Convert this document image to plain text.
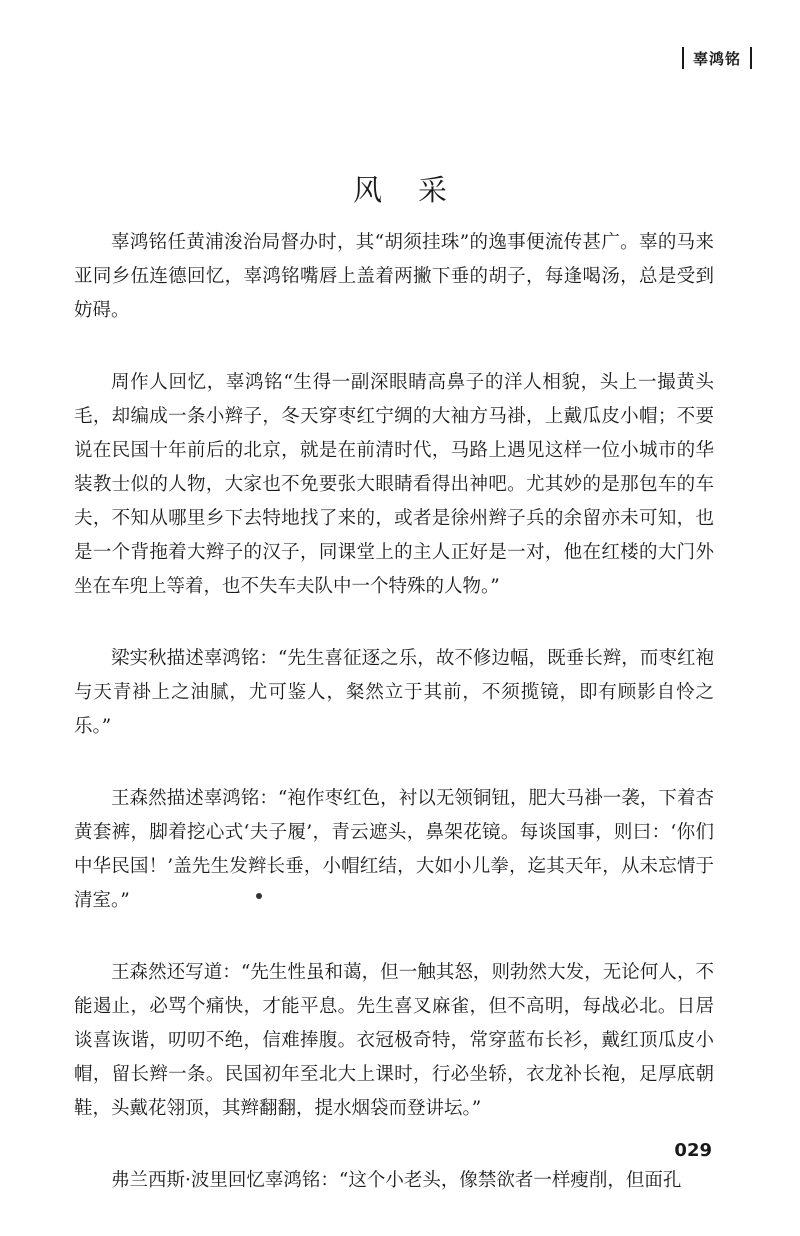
辜鸿铭
风采

辜鸿铭任黄浦浚治局督办时，其“胡须挂珠”的逸事便流传甚广。辜的马来亚同乡伍连德回忆，辜鸿铭嘴唇上盖着两撇下垂的胡子，每逢喝汤，总是受到妨碍。

周作人回忆，辜鸿铭“生得一副深眼睛高鼻子的洋人相貌，头上一撮黄头毛，却编成一条小辫子，冬天穿枣红宁绸的大袖方马褂，上戴瓜皮小帽；不要说在民国十年前后的北京，就是在前清时代，马路上遇见这样一位小城市的华装教士似的人物，大家也不免要张大眼睛看得出神吧。尤其妙的是那包车的车夫，不知从哪里乡下去特地找了来的，或者是徐州辫子兵的余留亦未可知，也是一个背拖着大辫子的汉子，同课堂上的主人正好是一对，他在红楼的大门外坐在车兜上等着，也不失车夫队中一个特殊的人物。”

梁实秋描述辜鸿铭：“先生喜征逐之乐，故不修边幅，既垂长辫，而枣红袍与天青褂上之油腻，尤可鉴人，粲然立于其前，不须揽镜，即有顾影自怜之乐。”

王森然描述辜鸿铭：“袍作枣红色，衬以无领铜钮，肥大马褂一袭，下着杏黄套裤，脚着挖心式‘夫子履’，青云遮头，鼻架花镜。每谈国事，则曰：‘你们中华民国！’盖先生发辫长垂，小帽红结，大如小儿拳，迄其天年，从未忘情于清室。”

王森然还写道：“先生性虽和蔼，但一触其怒，则勃然大发，无论何人，不能遏止，必骂个痛快，才能平息。先生喜叉麻雀，但不高明，每战必北。日居谈喜诙谐，叨叨不绝，信难捧腹。衣冠极奇特，常穿蓝布长衫，戴红顶瓜皮小帽，留长辫一条。民国初年至北大上课时，行必坐轿，衣龙补长袍，足厚底朝鞋，头戴花翎顶，其辫翻翻，提水烟袋而登讲坛。”

弗兰西斯·波里回忆辜鸿铭：“这个小老头，像禁欲者一样瘦削，但面孔

029
